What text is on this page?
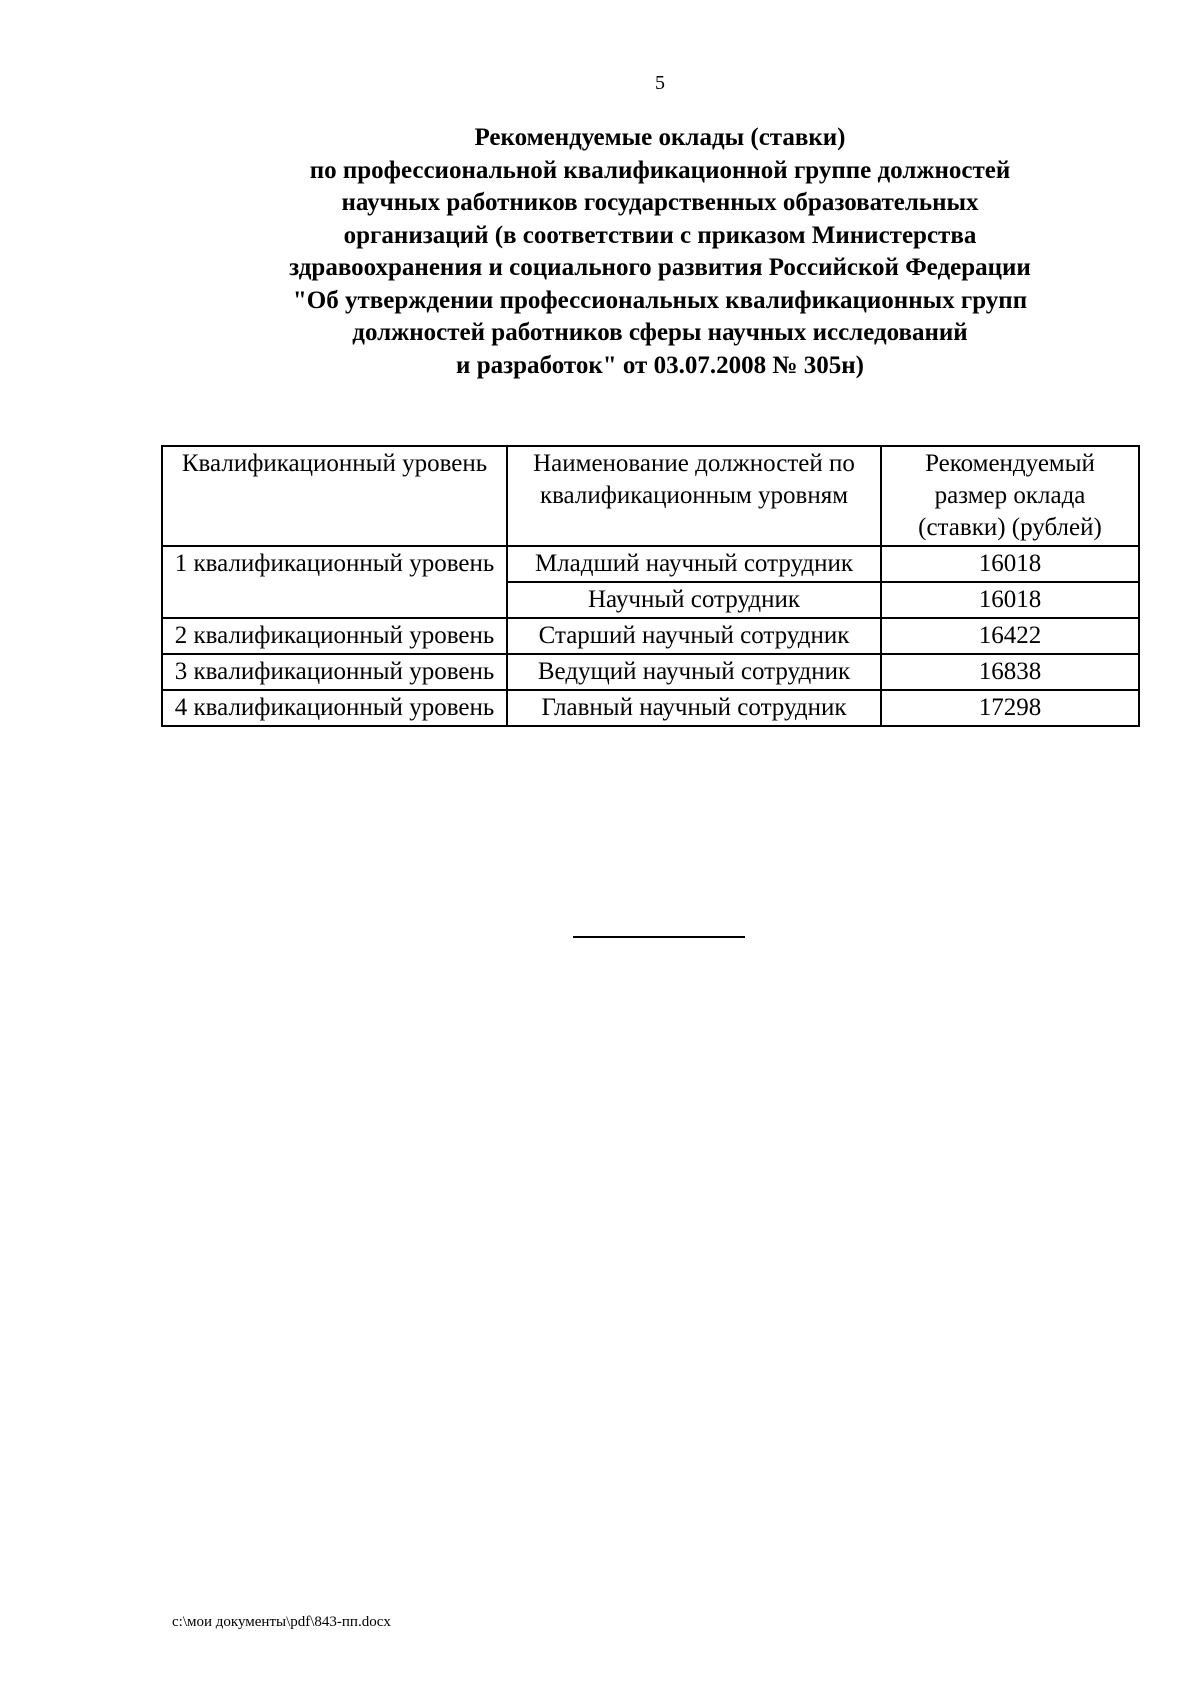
5
Рекомендуемые оклады (ставки)
по профессиональной квалификационной группе должностей
научных работников государственных образовательных
организаций (в соответствии с приказом Министерства
здравоохранения и социального развития Российской Федерации
"Об утверждении профессиональных квалификационных групп
должностей работников сферы научных исследований
и разработок" от 03.07.2008 № 305н)
Квалификационный уровень	Наименование должностей по квалификационным уровням	Рекомендуемый размер оклада (ставки) (рублей)
1 квалификационный уровень	Младший научный сотрудник	16018
	Научный сотрудник	16018
2 квалификационный уровень	Старший научный сотрудник	16422
3 квалификационный уровень	Ведущий научный сотрудник	16838
4 квалификационный уровень	Главный научный сотрудник	17298
c:\мои документы\pdf\843-пп.docx
